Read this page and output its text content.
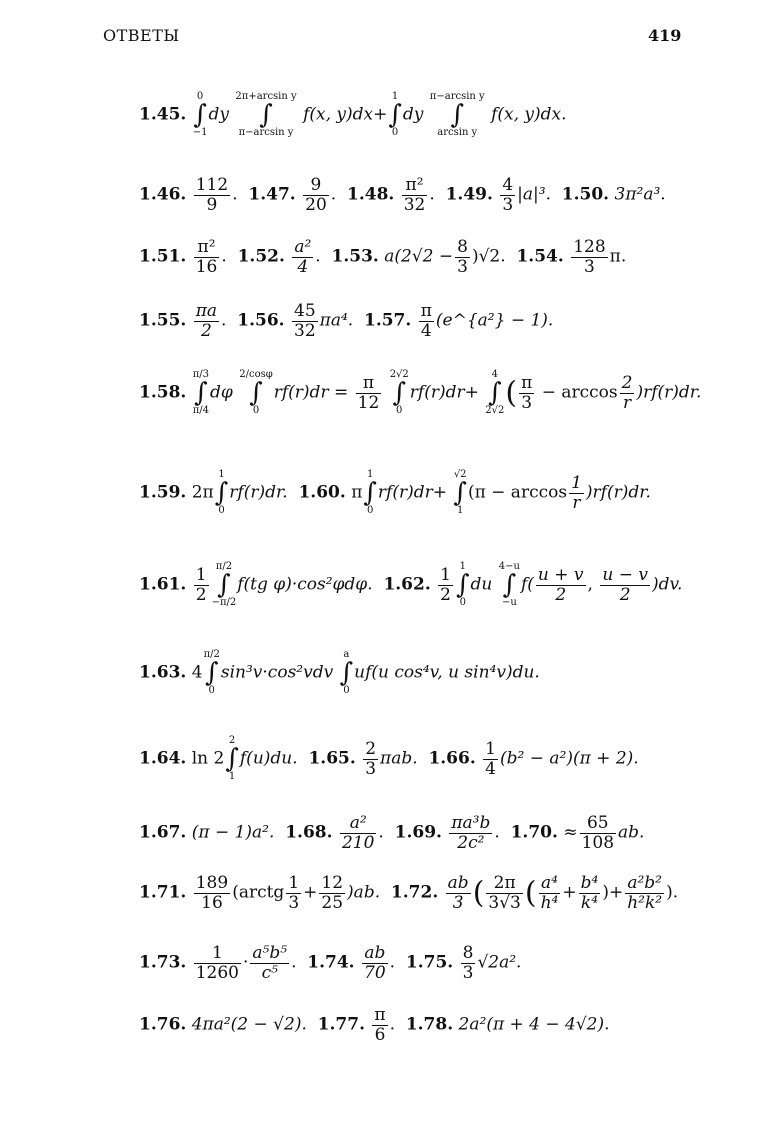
ОТВЕТЫ	419
1.45.
0
∫
−1
dy
2π+arcsin y
∫
π−arcsin y
f(x, y)dx+
1
∫
0
dy
π−arcsin y
∫
arcsin y
f(x, y)dx.
1.46. $\frac{112}{9}$ .  1.47. $\frac{9}{20}$ .  1.48. $\frac{\text{π²}}{32}$ .  1.49. $\frac{4}{3} |a|^3$.  1.50. 3π²a³.
1.51. $\frac{\text{π²}}{16}$ .  1.52. $\frac{\text{a²}}{4}$ .  1.53. $a(2√2 - \frac{8}{3} )√2$. 1.54. $\frac{128}{3} \pi$.
1.55. $\frac{\pi a}{2}$ .  1.56. $\frac{45}{32} \pi a^4$. 1.57. $\frac{\pi}{4}$ (e^{a²} − 1).
1.58.
π/3
∫
π/4
dφ
2/cosφ
∫
0
$rf(r)dr = \frac{\pi}{12}$
2√2
∫
0
rf(r)dr+
4
∫
2√2 ( $\frac{\pi}{3} - \arccos \frac{2}{r} )rf(r)dr$.
1.59. 2π
1
∫
0
rf(r)dr. 1.60. π
1
∫
0
rf(r)dr+
√2
∫
1
$(\pi - \arccos \frac{1}{r} )rf(r)dr$.
1.61. $\frac{1}{2} \pi/2$
∫
−π/2
f(tg φ)·cos²φdφ. 1.62. $\frac{1}{2} 1$
∫
0
du
4−u
∫
−u
$f( \frac{u + v}{2}$ , $\frac{u - v}{2} )dv$.
1.63. 4
π/2
∫
0
sin³v·cos²vdv
a
∫
0
uf(u cos⁴v, u sin⁴v)du.
1.64. ln 2
2
∫
1
f(u)du. 1.65. $\frac{2}{3} \pi ab$. 1.66. $\frac{1}{4} (b^2 - a^2)(\pi + 2)$.
1.67. (π − 1)a². 1.68. $\frac{\text{a²}}{210}$ .  1.69. $\frac{\text{πa³b}}{\text{2c²}}$ .  1.70. ≈ $\frac{65}{108}$ ab.
1.71. $\frac{189}{16}$ (arctg $\frac{1}{3} + \frac{12}{25} )ab$. 1.72. $\frac{ab}{3}$ ( $\frac{2\pi}{3√3}$ ( $\frac{\text{a⁴}}{\text{h⁴}} + \frac{\text{b⁴}}{\text{k⁴}}$ )+ $\frac{\text{a²b²}}{\text{h²k²}}$ ).
1.73. $\frac{1}{1260} \cdot \frac{\text{a⁵b⁵}}{\text{c⁵}}$ . 1.74. $\frac{ab}{70}$ .  1.75. $\frac{8}{3} √2a^2$.
1.76. 4πa²(2 − √2). 1.77. $\frac{\pi}{6}$ .  1.78. 2a²(π + 4 − 4√2).
